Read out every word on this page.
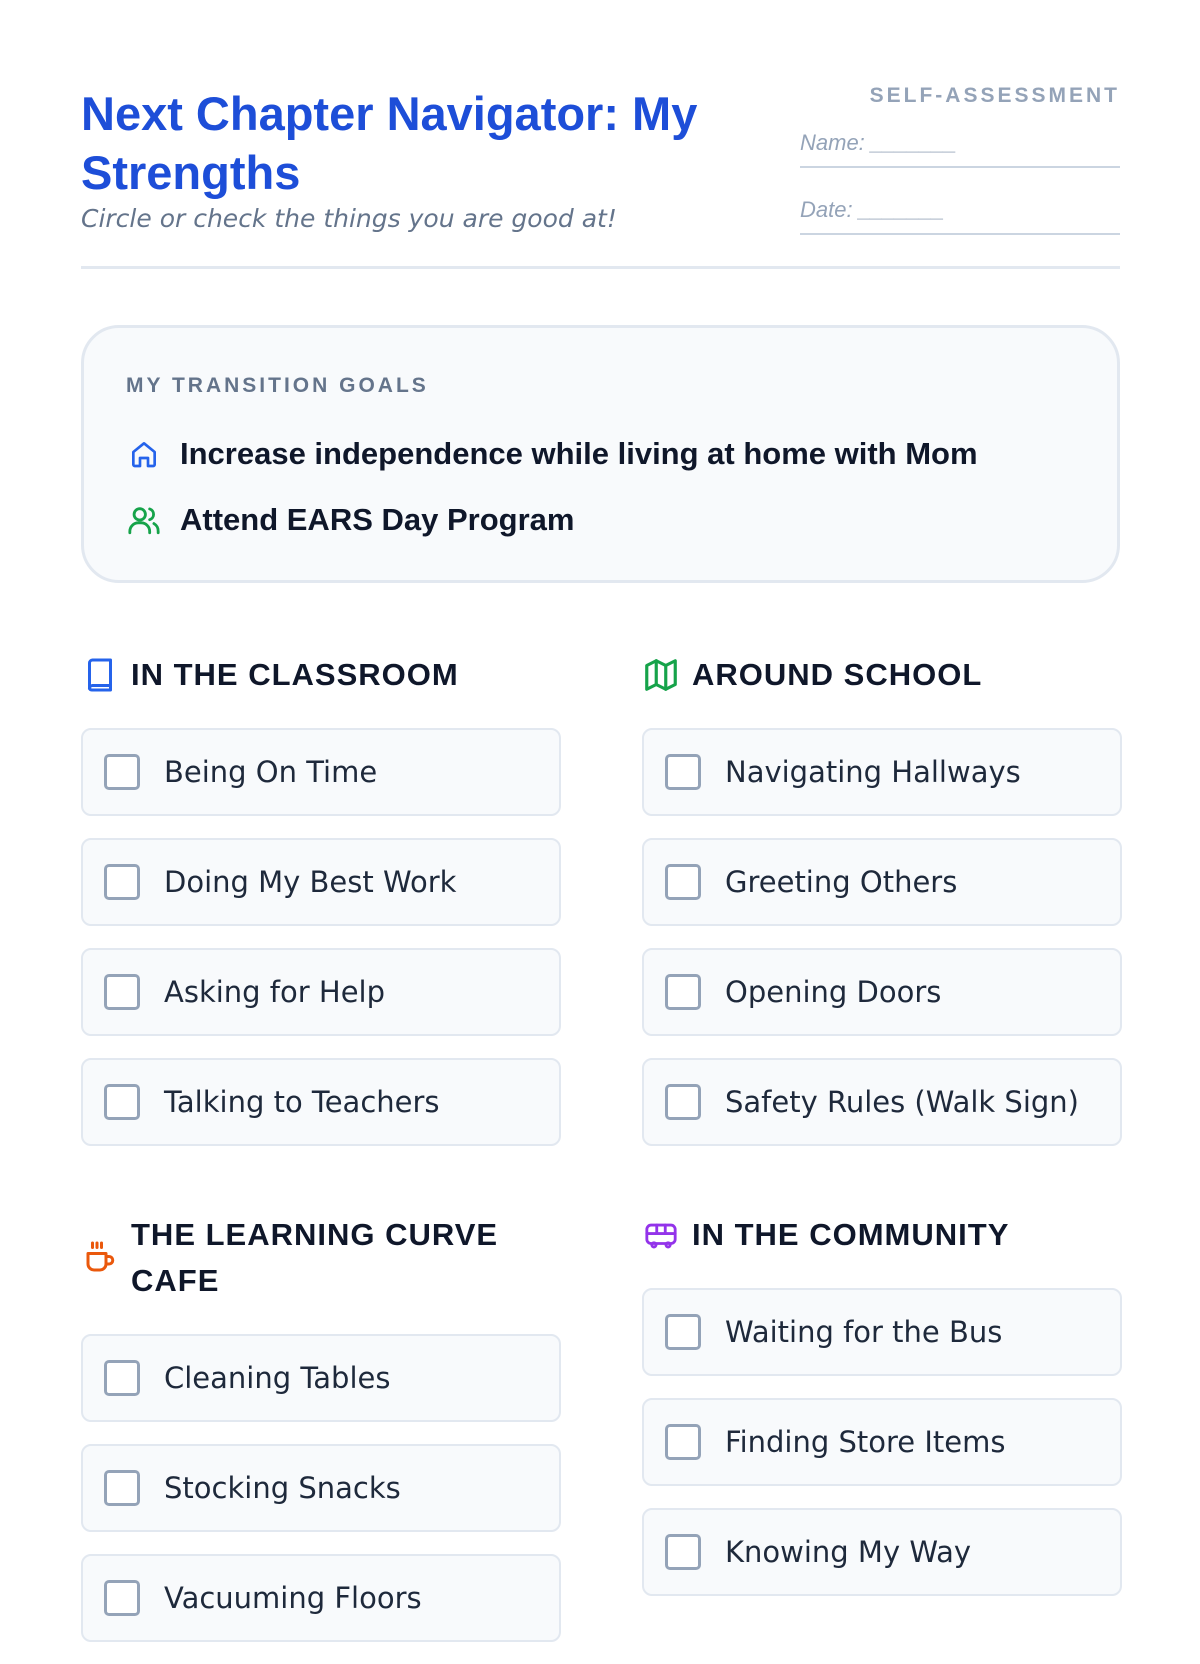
Next Chapter Navigator: My Strengths
Circle or check the things you are good at!
SELF-ASSESSMENT
Name: _______
Date: _______
MY TRANSITION GOALS
Increase independence while living at home with Mom
Attend EARS Day Program
IN THE CLASSROOM
Being On Time
Doing My Best Work
Asking for Help
Talking to Teachers
AROUND SCHOOL
Navigating Hallways
Greeting Others
Opening Doors
Safety Rules (Walk Sign)
THE LEARNING CURVE CAFE
Cleaning Tables
Stocking Snacks
Vacuuming Floors
IN THE COMMUNITY
Waiting for the Bus
Finding Store Items
Knowing My Way
